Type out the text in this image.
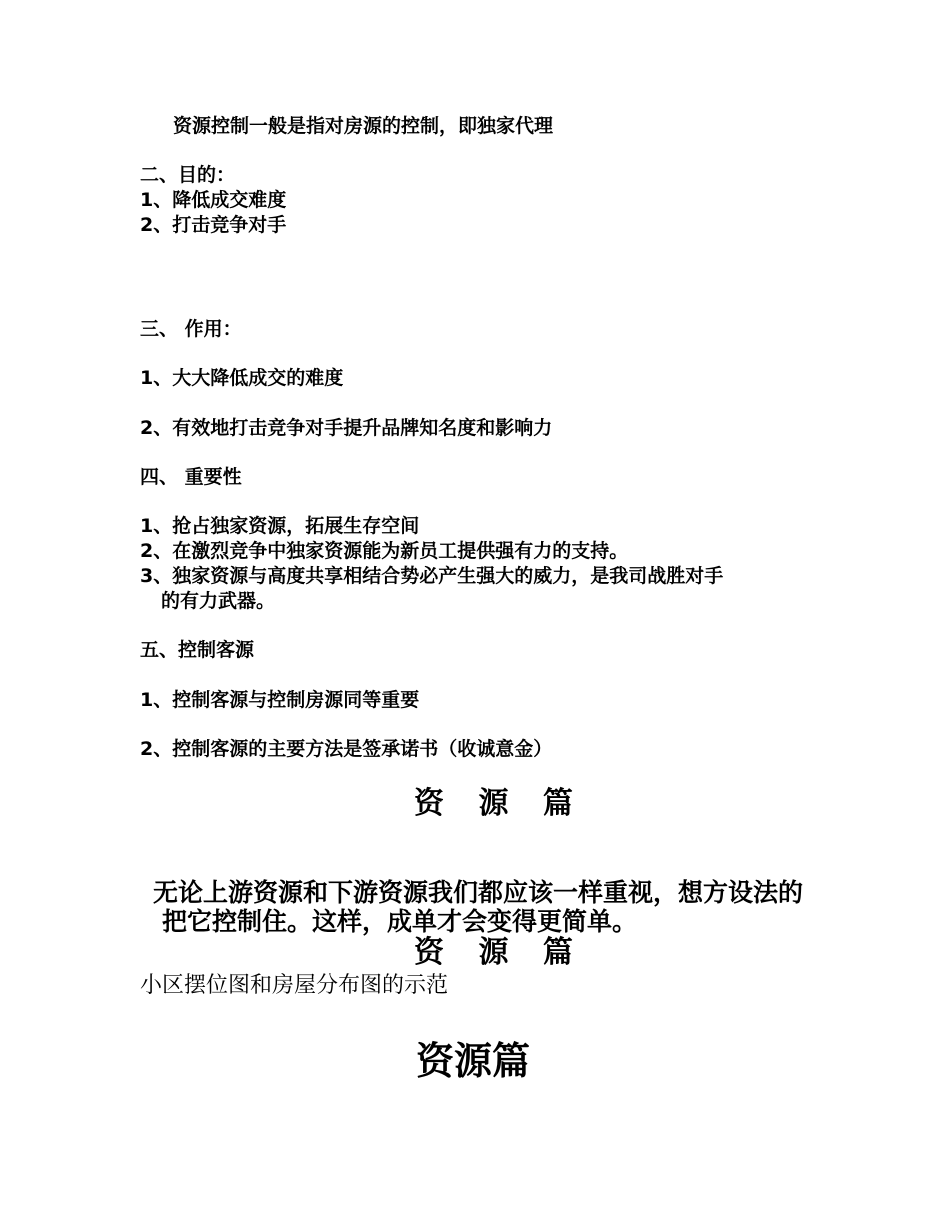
资源控制一般是指对房源的控制，即独家代理
二、目的：
1、降低成交难度
2、打击竞争对手
三、 作用：
1、大大降低成交的难度
2、有效地打击竞争对手提升品牌知名度和影响力
四、 重要性
1、抢占独家资源，拓展生存空间
2、在激烈竞争中独家资源能为新员工提供强有力的支持。
3、独家资源与高度共享相结合势必产生强大的威力，是我司战胜对手
的有力武器。
五、控制客源
1、控制客源与控制房源同等重要
2、控制客源的主要方法是签承诺书（收诚意金）
资 源 篇
无论上游资源和下游资源我们都应该一样重视，想方设法的
把它控制住。这样，成单才会变得更简单。
资 源 篇
小区摆位图和房屋分布图的示范
资源篇
